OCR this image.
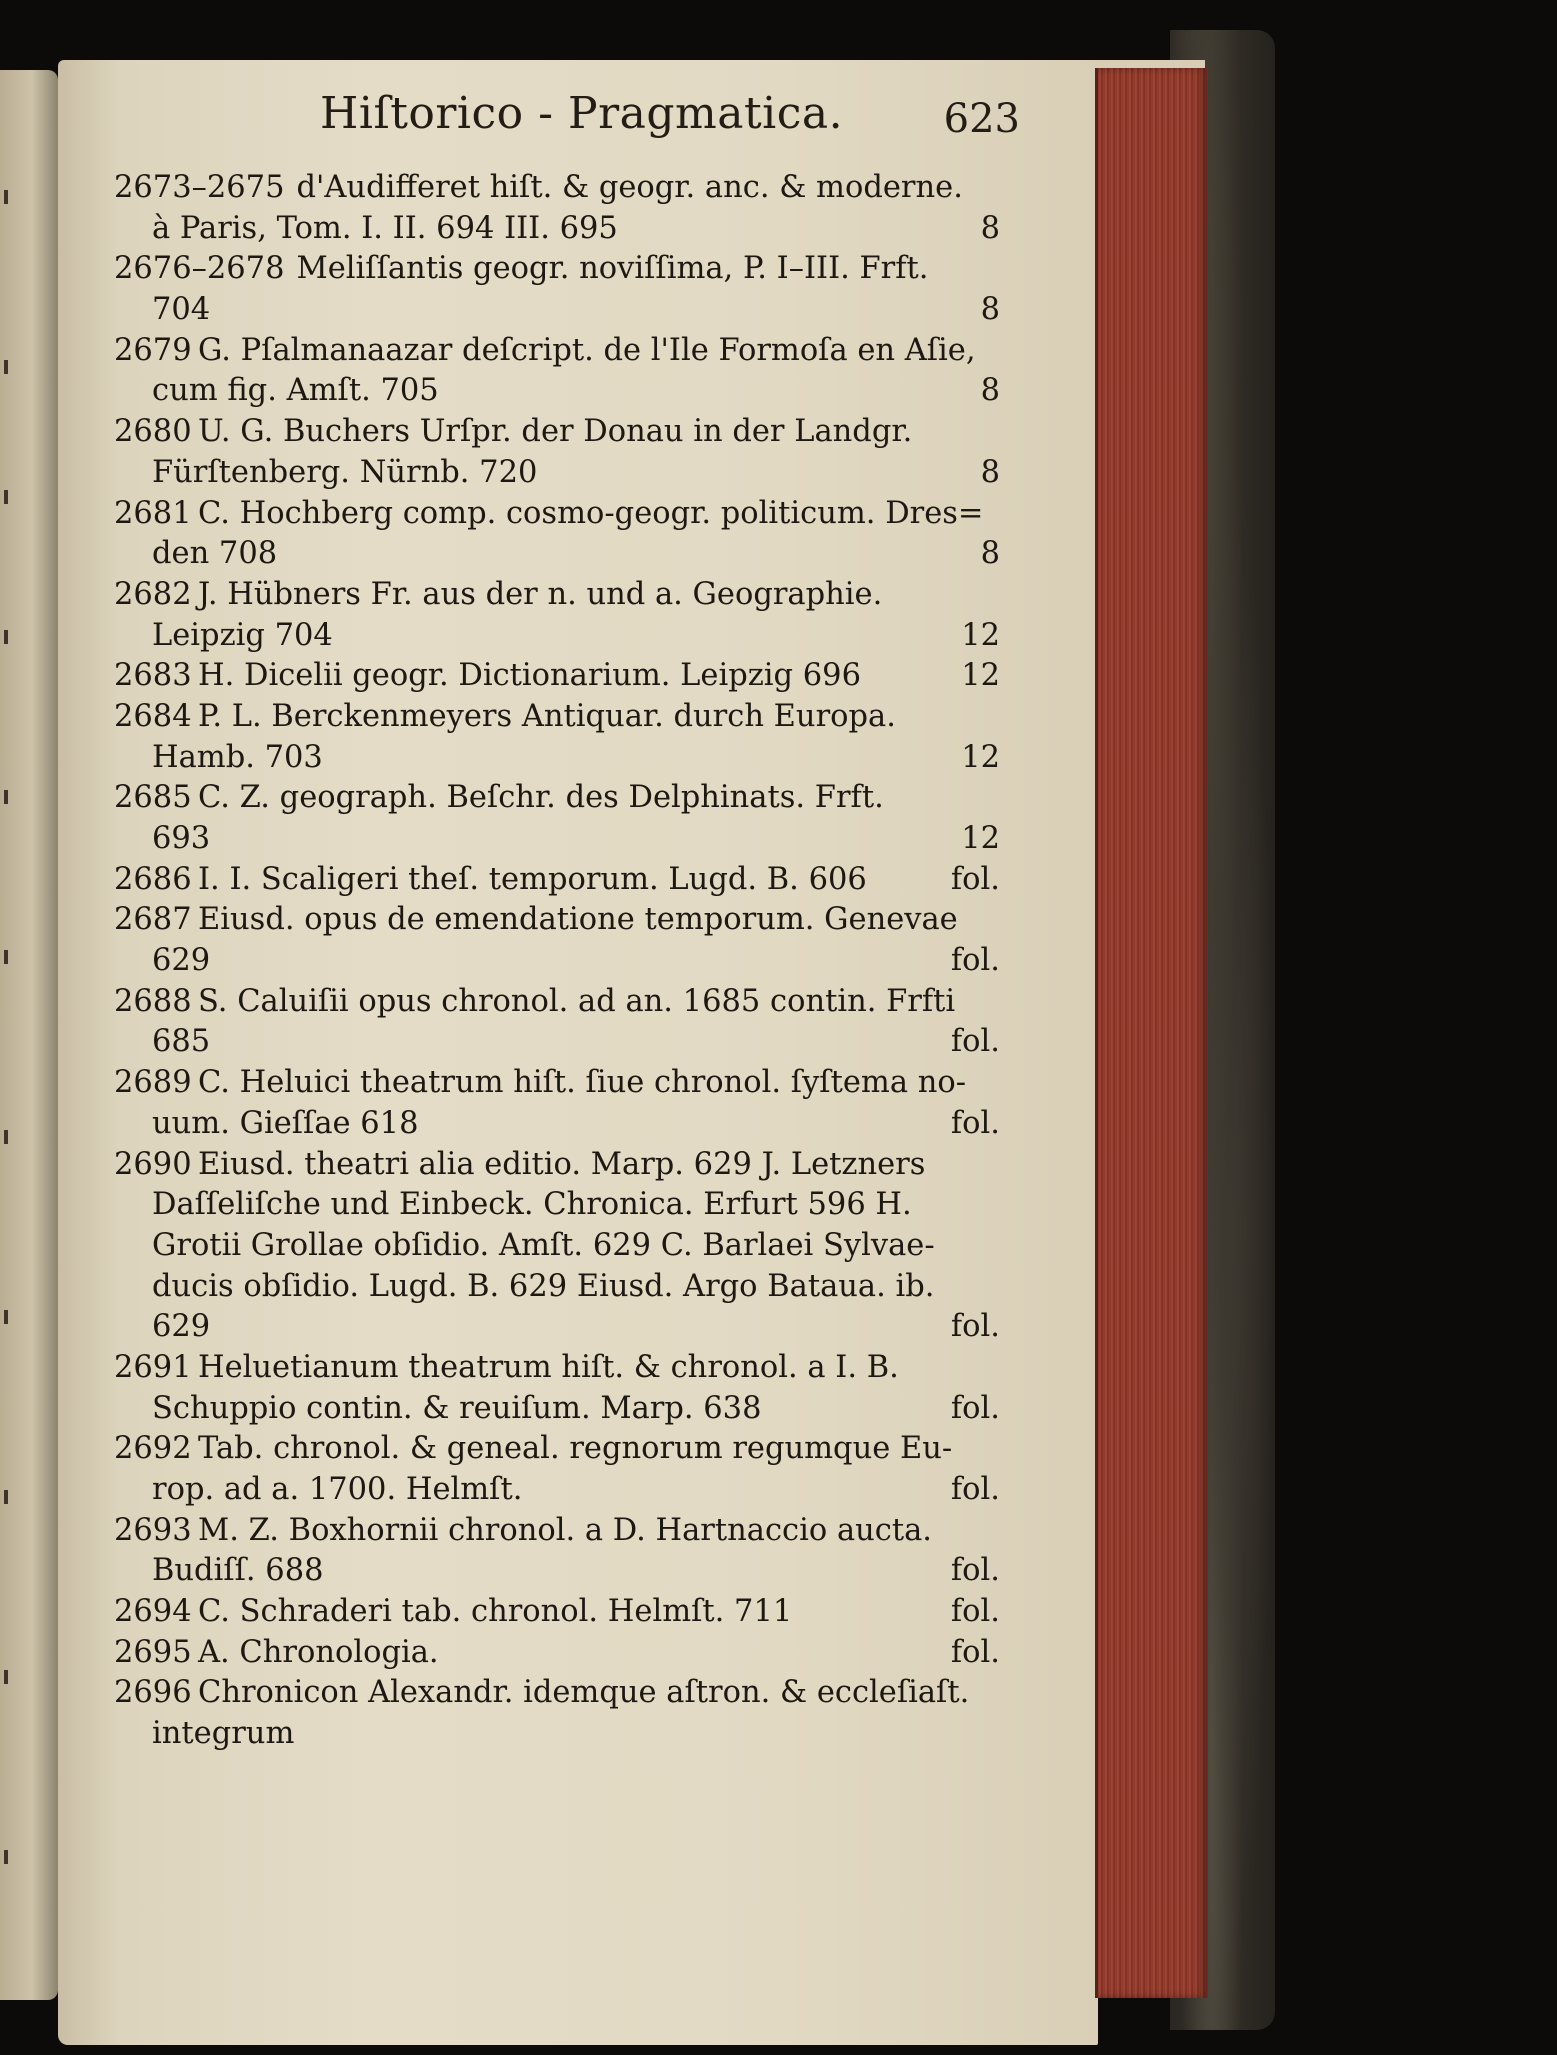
Hiſtorico - Pragmatica.	623
2673–2675 d'Audifferet hiſt. & geogr. anc. & moderne.
à Paris, Tom. I. II. 694 III. 695	8
2676–2678 Meliſſantis geogr. noviſſima, P. I–III. Frft.
704	8
2679 G. Pſalmanaazar deſcript. de l'Ile Formoſa en Aſie,
cum fig. Amſt. 705	8
2680 U. G. Buchers Urſpr. der Donau in der Landgr.
Fürſtenberg. Nürnb. 720	8
2681 C. Hochberg comp. cosmo-geogr. politicum. Dres=
den 708	8
2682 J. Hübners Fr. aus der n. und a. Geographie.
Leipzig 704	12
2683 H. Dicelii geogr. Dictionarium. Leipzig 696	12
2684 P. L. Berckenmeyers Antiquar. durch Europa.
Hamb. 703	12
2685 C. Z. geograph. Beſchr. des Delphinats. Frft.
693	12
2686 I. I. Scaligeri theſ. temporum. Lugd. B. 606	fol.
2687 Eiusd. opus de emendatione temporum. Genevae
629	fol.
2688 S. Caluiſii opus chronol. ad an. 1685 contin. Frfti
685	fol.
2689 C. Heluici theatrum hiſt. ſiue chronol. ſyſtema no-
uum. Gieſſae 618	fol.
2690 Eiusd. theatri alia editio. Marp. 629 J. Letzners
Daſſeliſche und Einbeck. Chronica. Erfurt 596 H.
Grotii Grollae obſidio. Amſt. 629 C. Barlaei Sylvae-
ducis obſidio. Lugd. B. 629 Eiusd. Argo Bataua. ib.
629	fol.
2691 Heluetianum theatrum hiſt. & chronol. a I. B.
Schuppio contin. & reuiſum. Marp. 638	fol.
2692 Tab. chronol. & geneal. regnorum regumque Eu-
rop. ad a. 1700. Helmſt.	fol.
2693 M. Z. Boxhornii chronol. a D. Hartnaccio aucta.
Budiſſ. 688	fol.
2694 C. Schraderi tab. chronol. Helmſt. 711	fol.
2695 A. Chronologia.	fol.
2696 Chronicon Alexandr. idemque aſtron. & eccleſiaſt.
integrum
